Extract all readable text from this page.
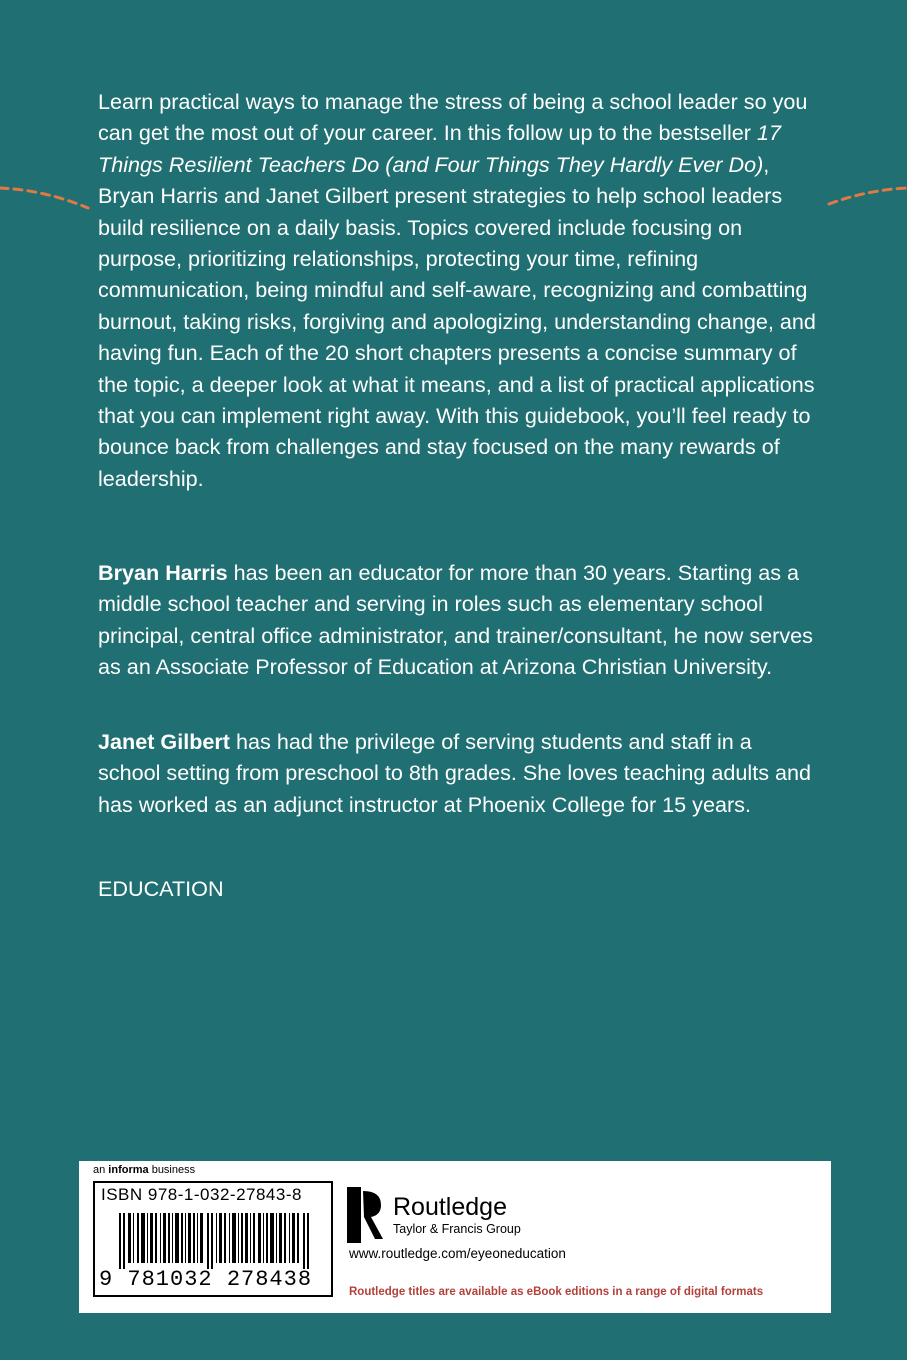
Learn practical ways to manage the stress of being a school leader so you can get the most out of your career. In this follow up to the bestseller 17 Things Resilient Teachers Do (and Four Things They Hardly Ever Do), Bryan Harris and Janet Gilbert present strategies to help school leaders build resilience on a daily basis. Topics covered include focusing on purpose, prioritizing relationships, protecting your time, refining communication, being mindful and self-aware, recognizing and combatting burnout, taking risks, forgiving and apologizing, understanding change, and having fun. Each of the 20 short chapters presents a concise summary of the topic, a deeper look at what it means, and a list of practical applications that you can implement right away. With this guidebook, you’ll feel ready to bounce back from challenges and stay focused on the many rewards of leadership.

Bryan Harris has been an educator for more than 30 years. Starting as a middle school teacher and serving in roles such as elementary school principal, central office administrator, and trainer/consultant, he now serves as an Associate Professor of Education at Arizona Christian University.

Janet Gilbert has had the privilege of serving students and staff in a school setting from preschool to 8th grades. She loves teaching adults and has worked as an adjunct instructor at Phoenix College for 15 years.

EDUCATION

an informa business
ISBN 978-1-032-27843-8
9 781032 278438
Routledge
Taylor & Francis Group
www.routledge.com/eyeoneducation
Routledge titles are available as eBook editions in a range of digital formats
